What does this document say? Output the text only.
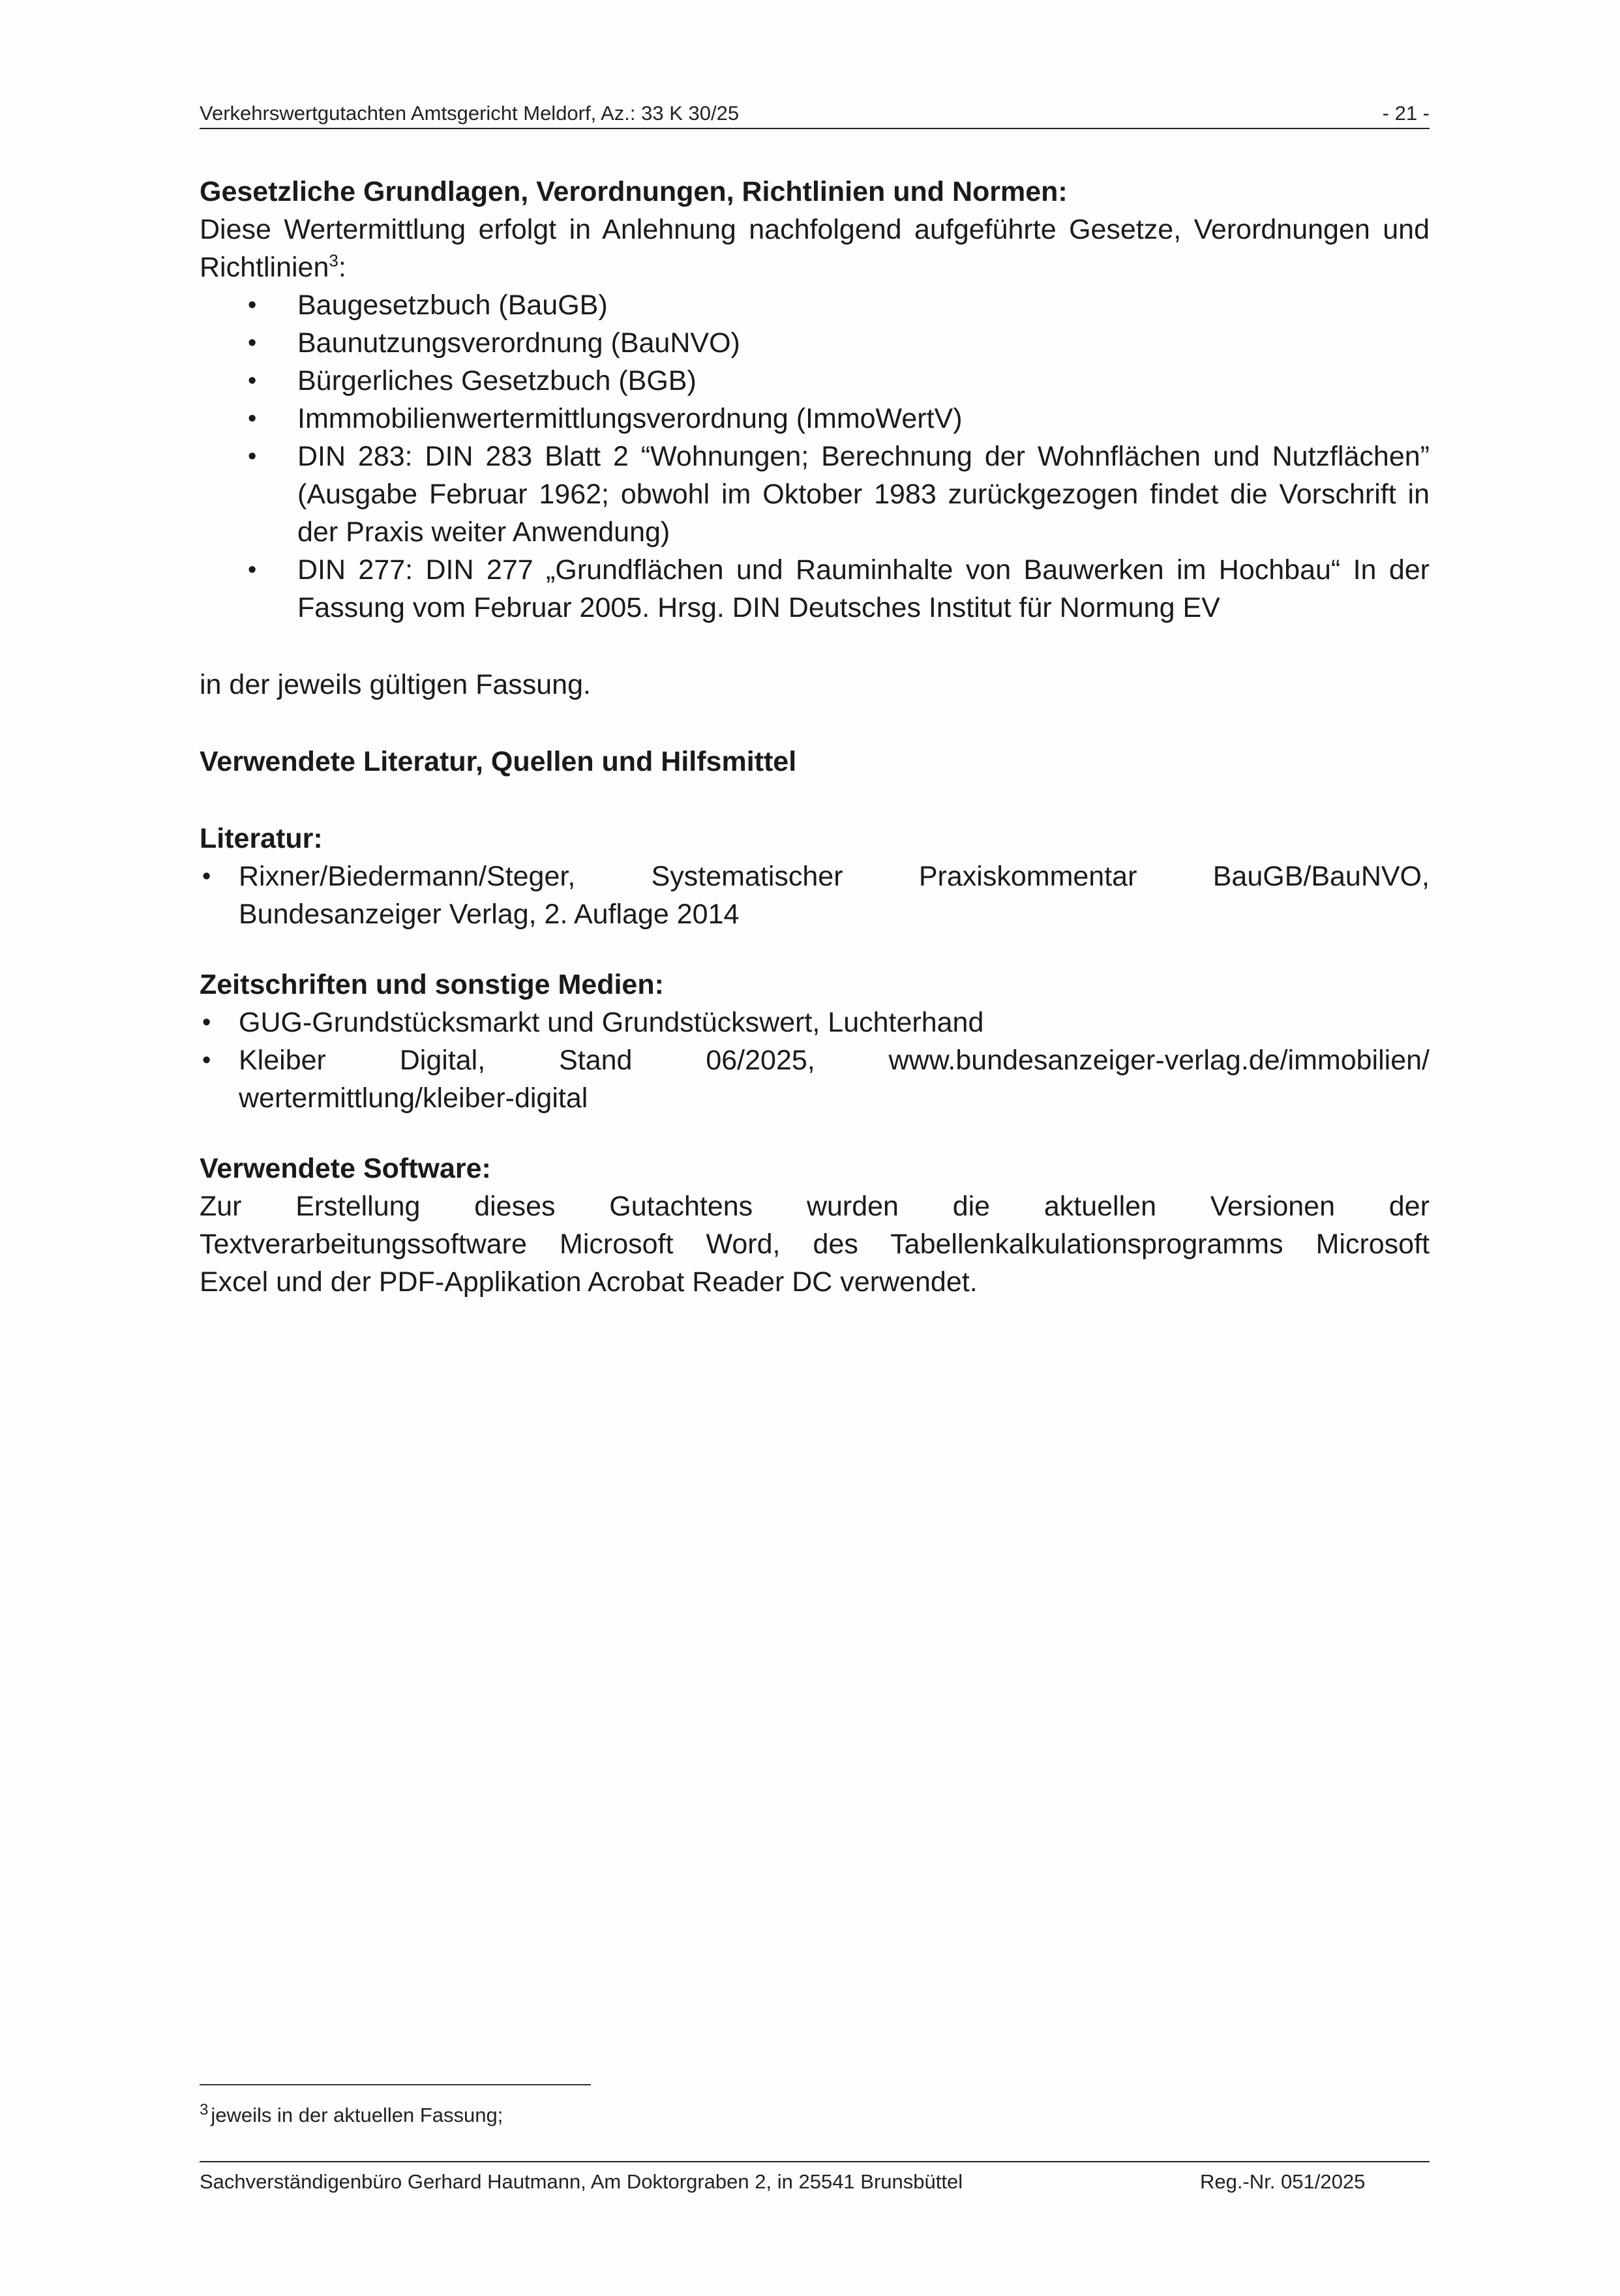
Verkehrswertgutachten Amtsgericht Meldorf, Az.: 33 K 30/25	- 21 -

Gesetzliche Grundlagen, Verordnungen, Richtlinien und Normen:

Diese Wertermittlung erfolgt in Anlehnung nachfolgend aufgeführte Gesetze, Verordnungen und Richtlinien$^3$:

• Baugesetzbuch (BauGB)
• Baunutzungsverordnung (BauNVO)
• Bürgerliches Gesetzbuch (BGB)
• Immmobilienwertermittlungsverordnung (ImmoWertV)
• DIN 283: DIN 283 Blatt 2 “Wohnungen; Berechnung der Wohnflächen und Nutzflächen” (Ausgabe Februar 1962; obwohl im Oktober 1983 zurückgezogen findet die Vorschrift in der Praxis weiter Anwendung)
• DIN 277: DIN 277 „Grundflächen und Rauminhalte von Bauwerken im Hochbau“ In der Fassung vom Februar 2005. Hrsg. DIN Deutsches Institut für Normung EV

in der jeweils gültigen Fassung.

Verwendete Literatur, Quellen und Hilfsmittel

Literatur:

• Rixner/Biedermann/Steger,	Systematischer	Praxiskommentar	BauGB/BauNVO,
Bundesanzeiger Verlag, 2. Auflage 2014

Zeitschriften und sonstige Medien:

• GUG-Grundstücksmarkt und Grundstückswert, Luchterhand
• Kleiber	Digital,	Stand	06/2025,	www.bundesanzeiger-verlag.de/immobilien/
wertermittlung/kleiber-digital

Verwendete Software:

Zur Erstellung dieses Gutachtens wurden die aktuellen Versionen der
Textverarbeitungssoftware Microsoft Word, des Tabellenkalkulationsprogramms Microsoft
Excel und der PDF-Applikation Acrobat Reader DC verwendet.
$^3$ jeweils in der aktuellen Fassung;
Sachverständigenbüro Gerhard Hautmann, Am Doktorgraben 2, in 25541 Brunsbüttel	Reg.-Nr. 051/2025
